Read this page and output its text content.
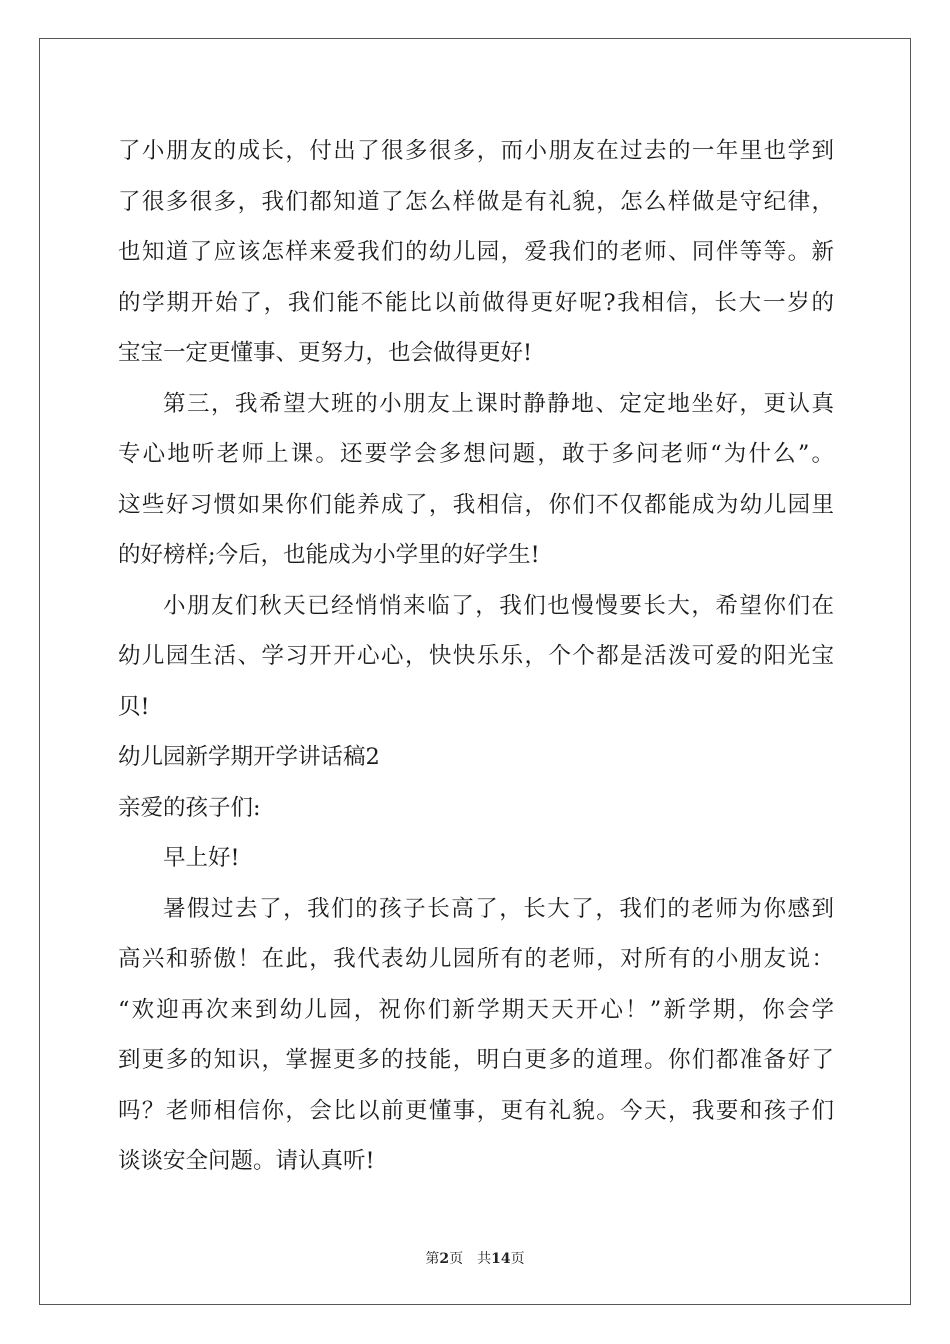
了小朋友的成长，付出了很多很多，而小朋友在过去的一年里也学到
了很多很多，我们都知道了怎么样做是有礼貌，怎么样做是守纪律，
也知道了应该怎样来爱我们的幼儿园，爱我们的老师、同伴等等。新
的学期开始了，我们能不能比以前做得更好呢?我相信，长大一岁的
宝宝一定更懂事、更努力，也会做得更好!
第三，我希望大班的小朋友上课时静静地、定定地坐好，更认真
专心地听老师上课。还要学会多想问题，敢于多问老师“为什么”。
这些好习惯如果你们能养成了，我相信，你们不仅都能成为幼儿园里
的好榜样;今后，也能成为小学里的好学生!
小朋友们秋天已经悄悄来临了，我们也慢慢要长大，希望你们在
幼儿园生活、学习开开心心，快快乐乐，个个都是活泼可爱的阳光宝
贝!
幼儿园新学期开学讲话稿2
亲爱的孩子们:
早上好!
暑假过去了，我们的孩子长高了，长大了，我们的老师为你感到
高兴和骄傲！在此，我代表幼儿园所有的老师，对所有的小朋友说：
“欢迎再次来到幼儿园，祝你们新学期天天开心！”新学期，你会学
到更多的知识，掌握更多的技能，明白更多的道理。你们都准备好了
吗？老师相信你，会比以前更懂事，更有礼貌。今天，我要和孩子们
谈谈安全问题。请认真听!
第2页 共14页
